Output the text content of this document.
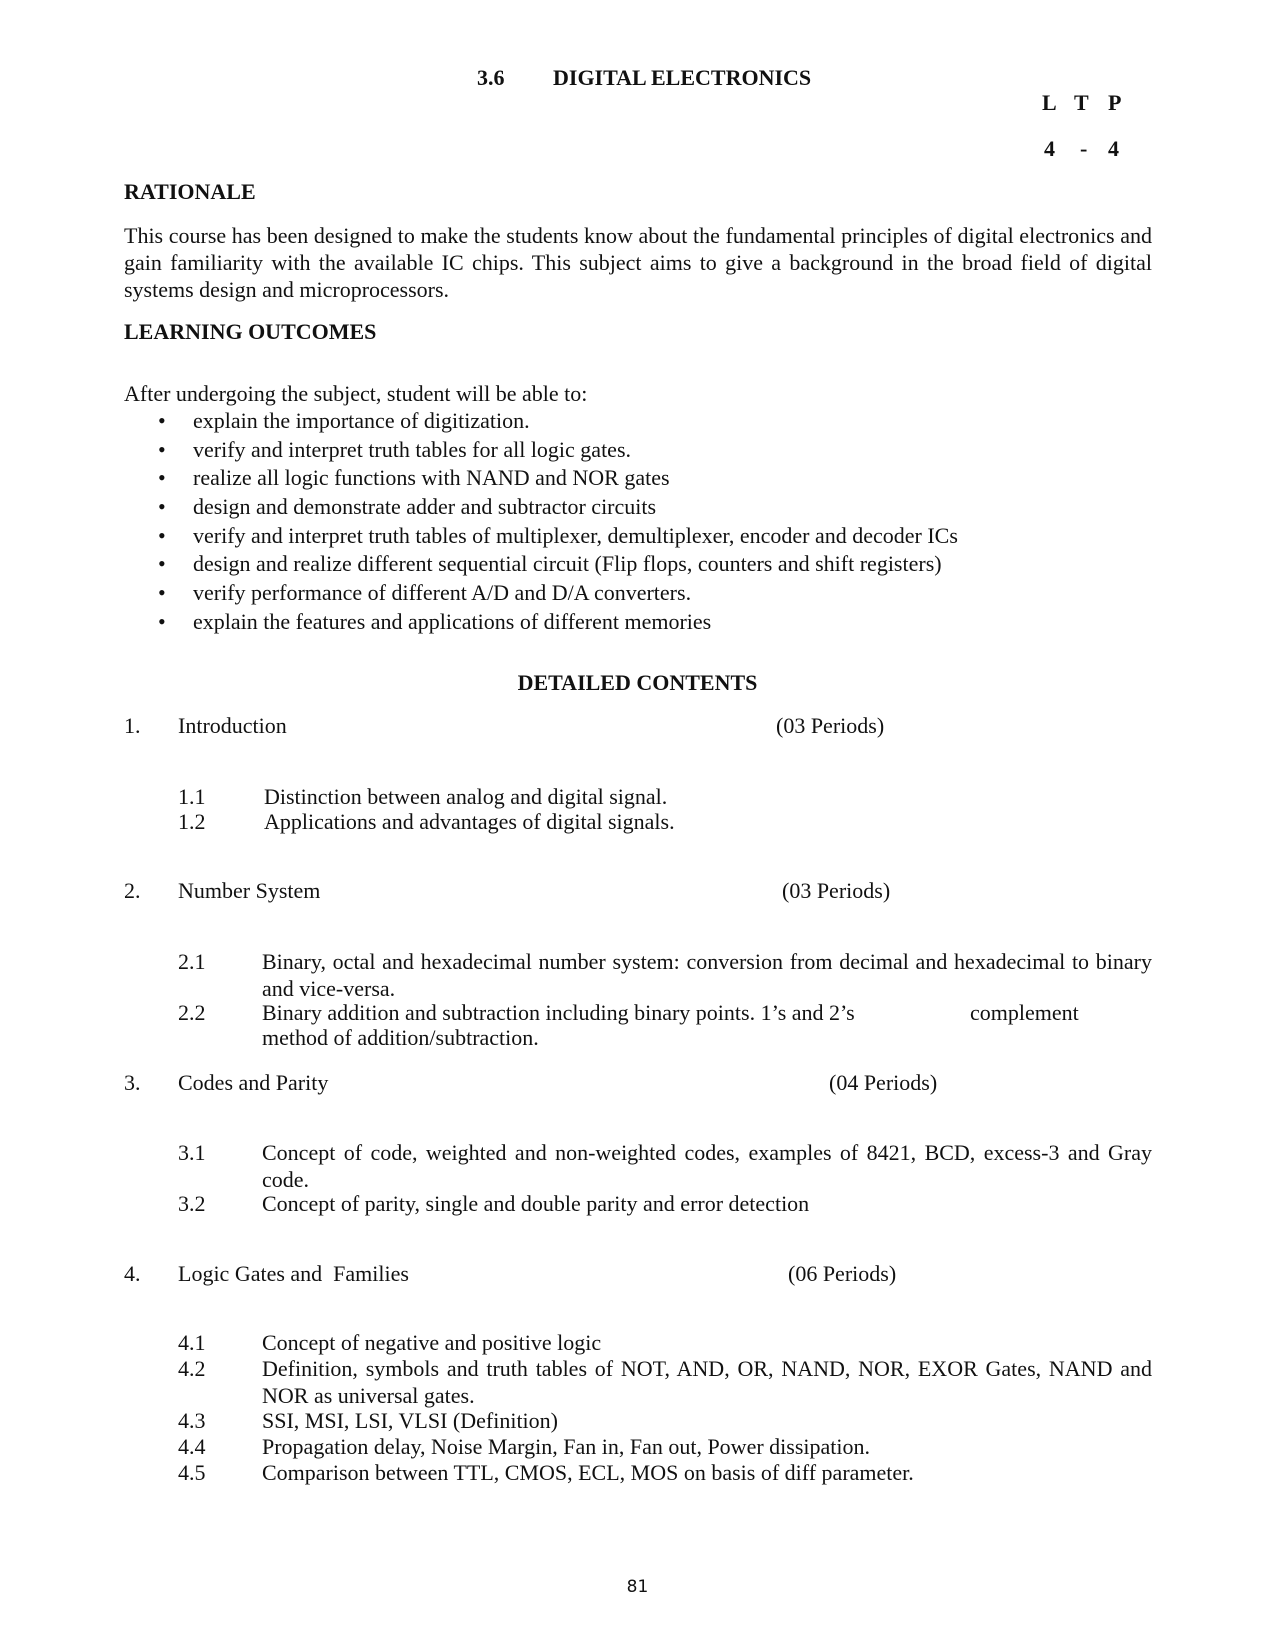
3.6 DIGITAL ELECTRONICS
L T P
4 - 4
RATIONALE
This course has been designed to make the students know about the fundamental principles of digital electronics and gain familiarity with the available IC chips. This subject aims to give a background in the broad field of digital systems design and microprocessors.
LEARNING OUTCOMES
After undergoing the subject, student will be able to:
• explain the importance of digitization.
• verify and interpret truth tables for all logic gates.
• realize all logic functions with NAND and NOR gates
• design and demonstrate adder and subtractor circuits
• verify and interpret truth tables of multiplexer, demultiplexer, encoder and decoder ICs
• design and realize different sequential circuit (Flip flops, counters and shift registers)
• verify performance of different A/D and D/A converters.
• explain the features and applications of different memories
DETAILED CONTENTS
1. Introduction	(03 Periods)
1.1	Distinction between analog and digital signal.
1.2	Applications and advantages of digital signals.
2. Number System	(03 Periods)
2.1	Binary, octal and hexadecimal number system: conversion from decimal and hexadecimal to binary and vice-versa.
2.2	Binary addition and subtraction including binary points. 1’s and 2’s	complement
method of addition/subtraction.
3. Codes and Parity	(04 Periods)
3.1	Concept of code, weighted and non-weighted codes, examples of 8421, BCD, excess-3 and Gray code.
3.2	Concept of parity, single and double parity and error detection
4. Logic Gates and  Families	(06 Periods)
4.1	Concept of negative and positive logic
4.2	Definition, symbols and truth tables of NOT, AND, OR, NAND, NOR, EXOR Gates, NAND and NOR as universal gates.
4.3	SSI, MSI, LSI, VLSI (Definition)
4.4	Propagation delay, Noise Margin, Fan in, Fan out, Power dissipation.
4.5	Comparison between TTL, CMOS, ECL, MOS on basis of diff parameter.
81
